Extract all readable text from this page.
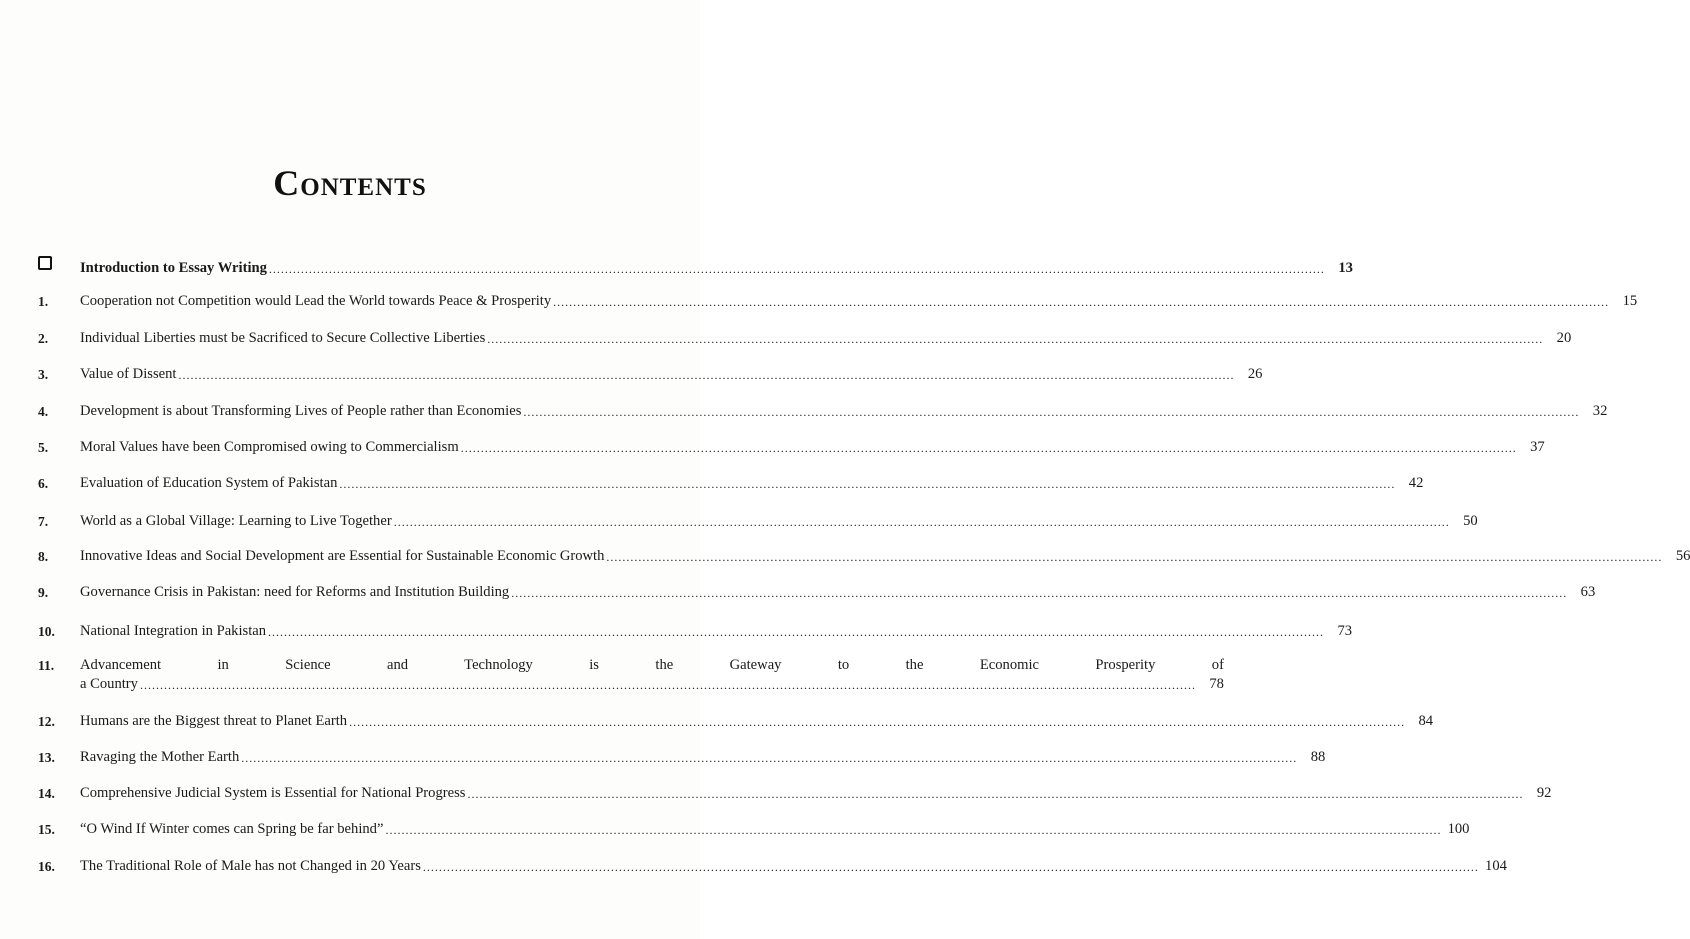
Contents
Introduction to Essay Writing .....	13
1.	Cooperation not Competition would Lead the World towards Peace & Prosperity .....	15
2.	Individual Liberties must be Sacrificed to Secure Collective Liberties .....	20
3.	Value of Dissent .....	26
4.	Development is about Transforming Lives of People rather than Economies .....	32
5.	Moral Values have been Compromised owing to Commercialism .....	37
6.	Evaluation of Education System of Pakistan .....	42
7.	World as a Global Village: Learning to Live Together .....	50
8.	Innovative Ideas and Social Development are Essential for Sustainable Economic Growth .....	56
9.	Governance Crisis in Pakistan: need for Reforms and Institution Building .....	63
10.	National Integration in Pakistan .....	73
11.	Advancement in Science and Technology is the Gateway to the Economic Prosperity of
a Country .....	78
12.	Humans are the Biggest threat to Planet Earth .....	84
13.	Ravaging the Mother Earth .....	88
14.	Comprehensive Judicial System is Essential for National Progress .....	92
15.	“O Wind If Winter comes can Spring be far behind” .....	100
16.	The Traditional Role of Male has not Changed in 20 Years .....	104
